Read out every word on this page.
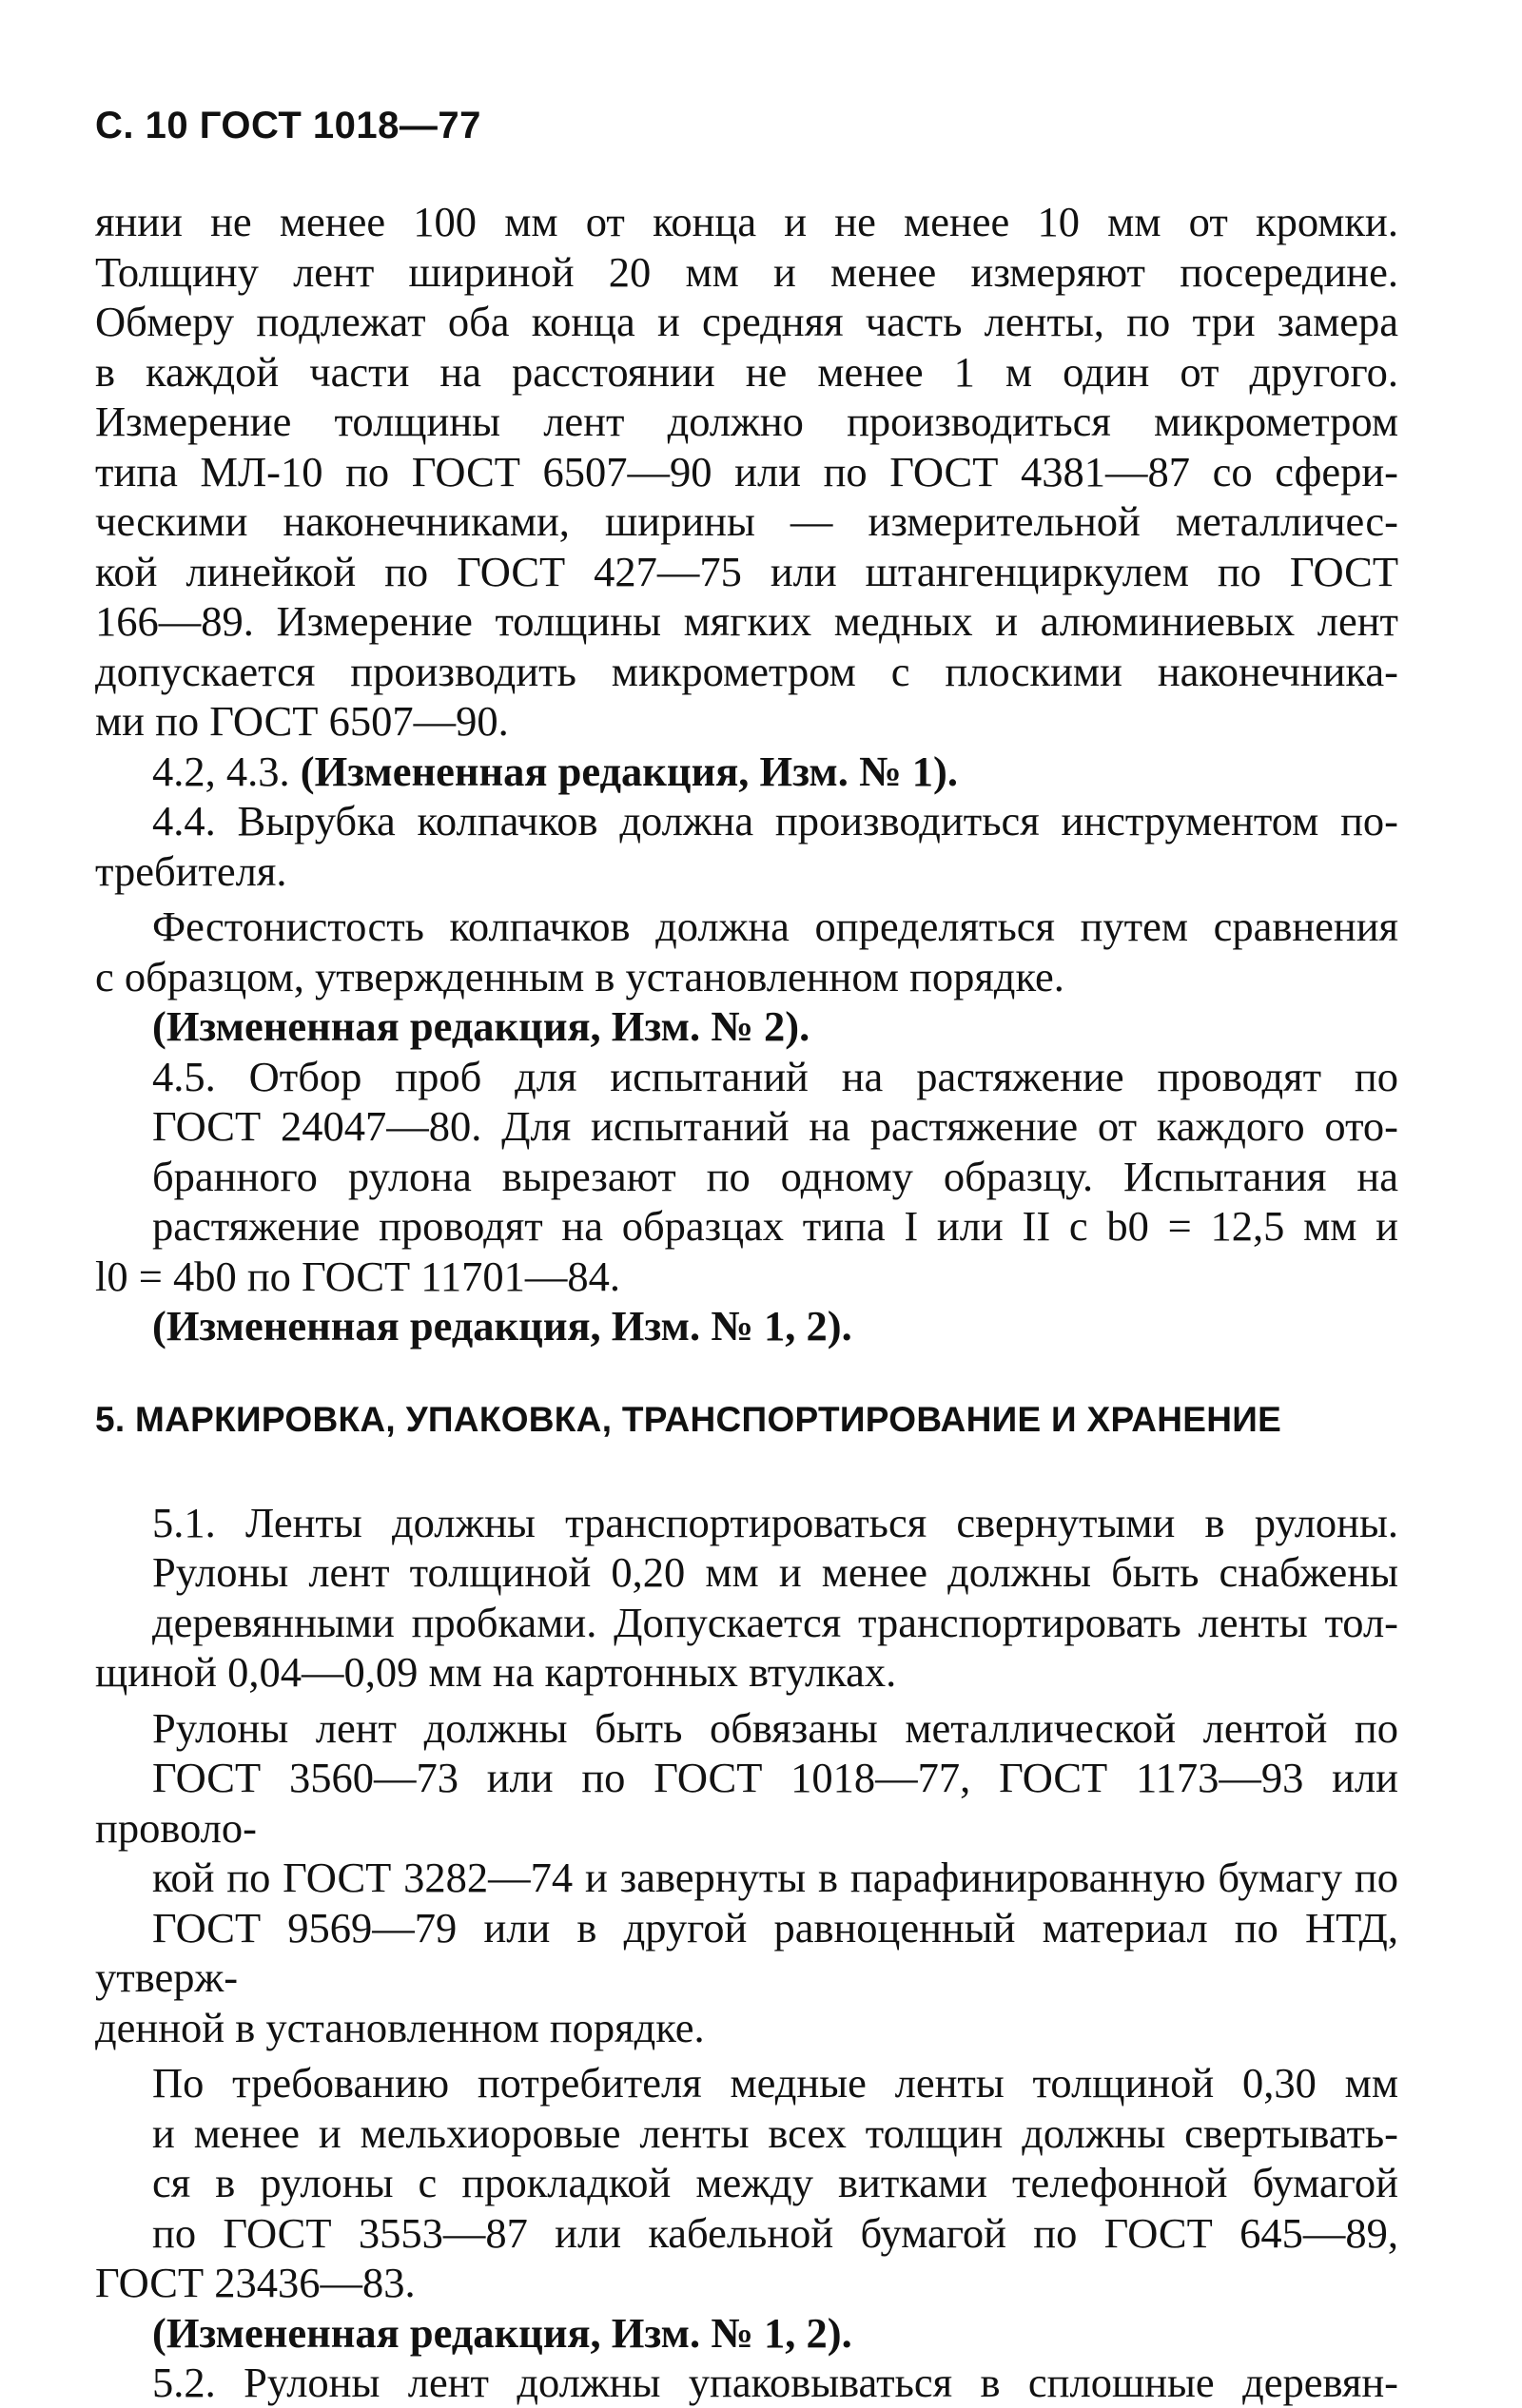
С. 10 ГОСТ 1018—77

янии не менее 100 мм от конца и не менее 10 мм от кромки.
Толщину лент шириной 20 мм и менее измеряют посередине.
Обмеру подлежат оба конца и средняя часть ленты, по три замера
в каждой части на расстоянии не менее 1 м один от другого.
Измерение толщины лент должно производиться микрометром
типа МЛ-10 по ГОСТ 6507—90 или по ГОСТ 4381—87 со сфери-
ческими наконечниками, ширины — измерительной металличес-
кой линейкой по ГОСТ 427—75 или штангенциркулем по ГОСТ
166—89. Измерение толщины мягких медных и алюминиевых лент
допускается производить микрометром с плоскими наконечника-

ми по ГОСТ 6507—90.

4.2, 4.3. (Измененная редакция, Изм. № 1).

4.4. Вырубка колпачков должна производиться инструментом по-

требителя.

Фестонистость колпачков должна определяться путем сравнения

с образцом, утвержденным в установленном порядке.

(Измененная редакция, Изм. № 2).

4.5. Отбор проб для испытаний на растяжение проводят по
ГОСТ 24047—80. Для испытаний на растяжение от каждого ото-
бранного рулона вырезают по одному образцу. Испытания на
растяжение проводят на образцах типа I или II с b0 = 12,5 мм и

l0 = 4b0 по ГОСТ 11701—84.

(Измененная редакция, Изм. № 1, 2).

5. МАРКИРОВКА, УПАКОВКА, ТРАНСПОРТИРОВАНИЕ И ХРАНЕНИЕ

5.1. Ленты должны транспортироваться свернутыми в рулоны.
Рулоны лент толщиной 0,20 мм и менее должны быть снабжены
деревянными пробками. Допускается транспортировать ленты тол-

щиной 0,04—0,09 мм на картонных втулках.

Рулоны лент должны быть обвязаны металлической лентой по
ГОСТ 3560—73 или по ГОСТ 1018—77, ГОСТ 1173—93 или проволо-
кой по ГОСТ 3282—74 и завернуты в парафинированную бумагу по
ГОСТ 9569—79 или в другой равноценный материал по НТД, утверж-

денной в установленном порядке.

По требованию потребителя медные ленты толщиной 0,30 мм
и менее и мельхиоровые ленты всех толщин должны свертывать-
ся в рулоны с прокладкой между витками телефонной бумагой
по ГОСТ 3553—87 или кабельной бумагой по ГОСТ 645—89,

ГОСТ 23436—83.

(Измененная редакция, Изм. № 1, 2).

5.2. Рулоны лент должны упаковываться в сплошные деревян-
